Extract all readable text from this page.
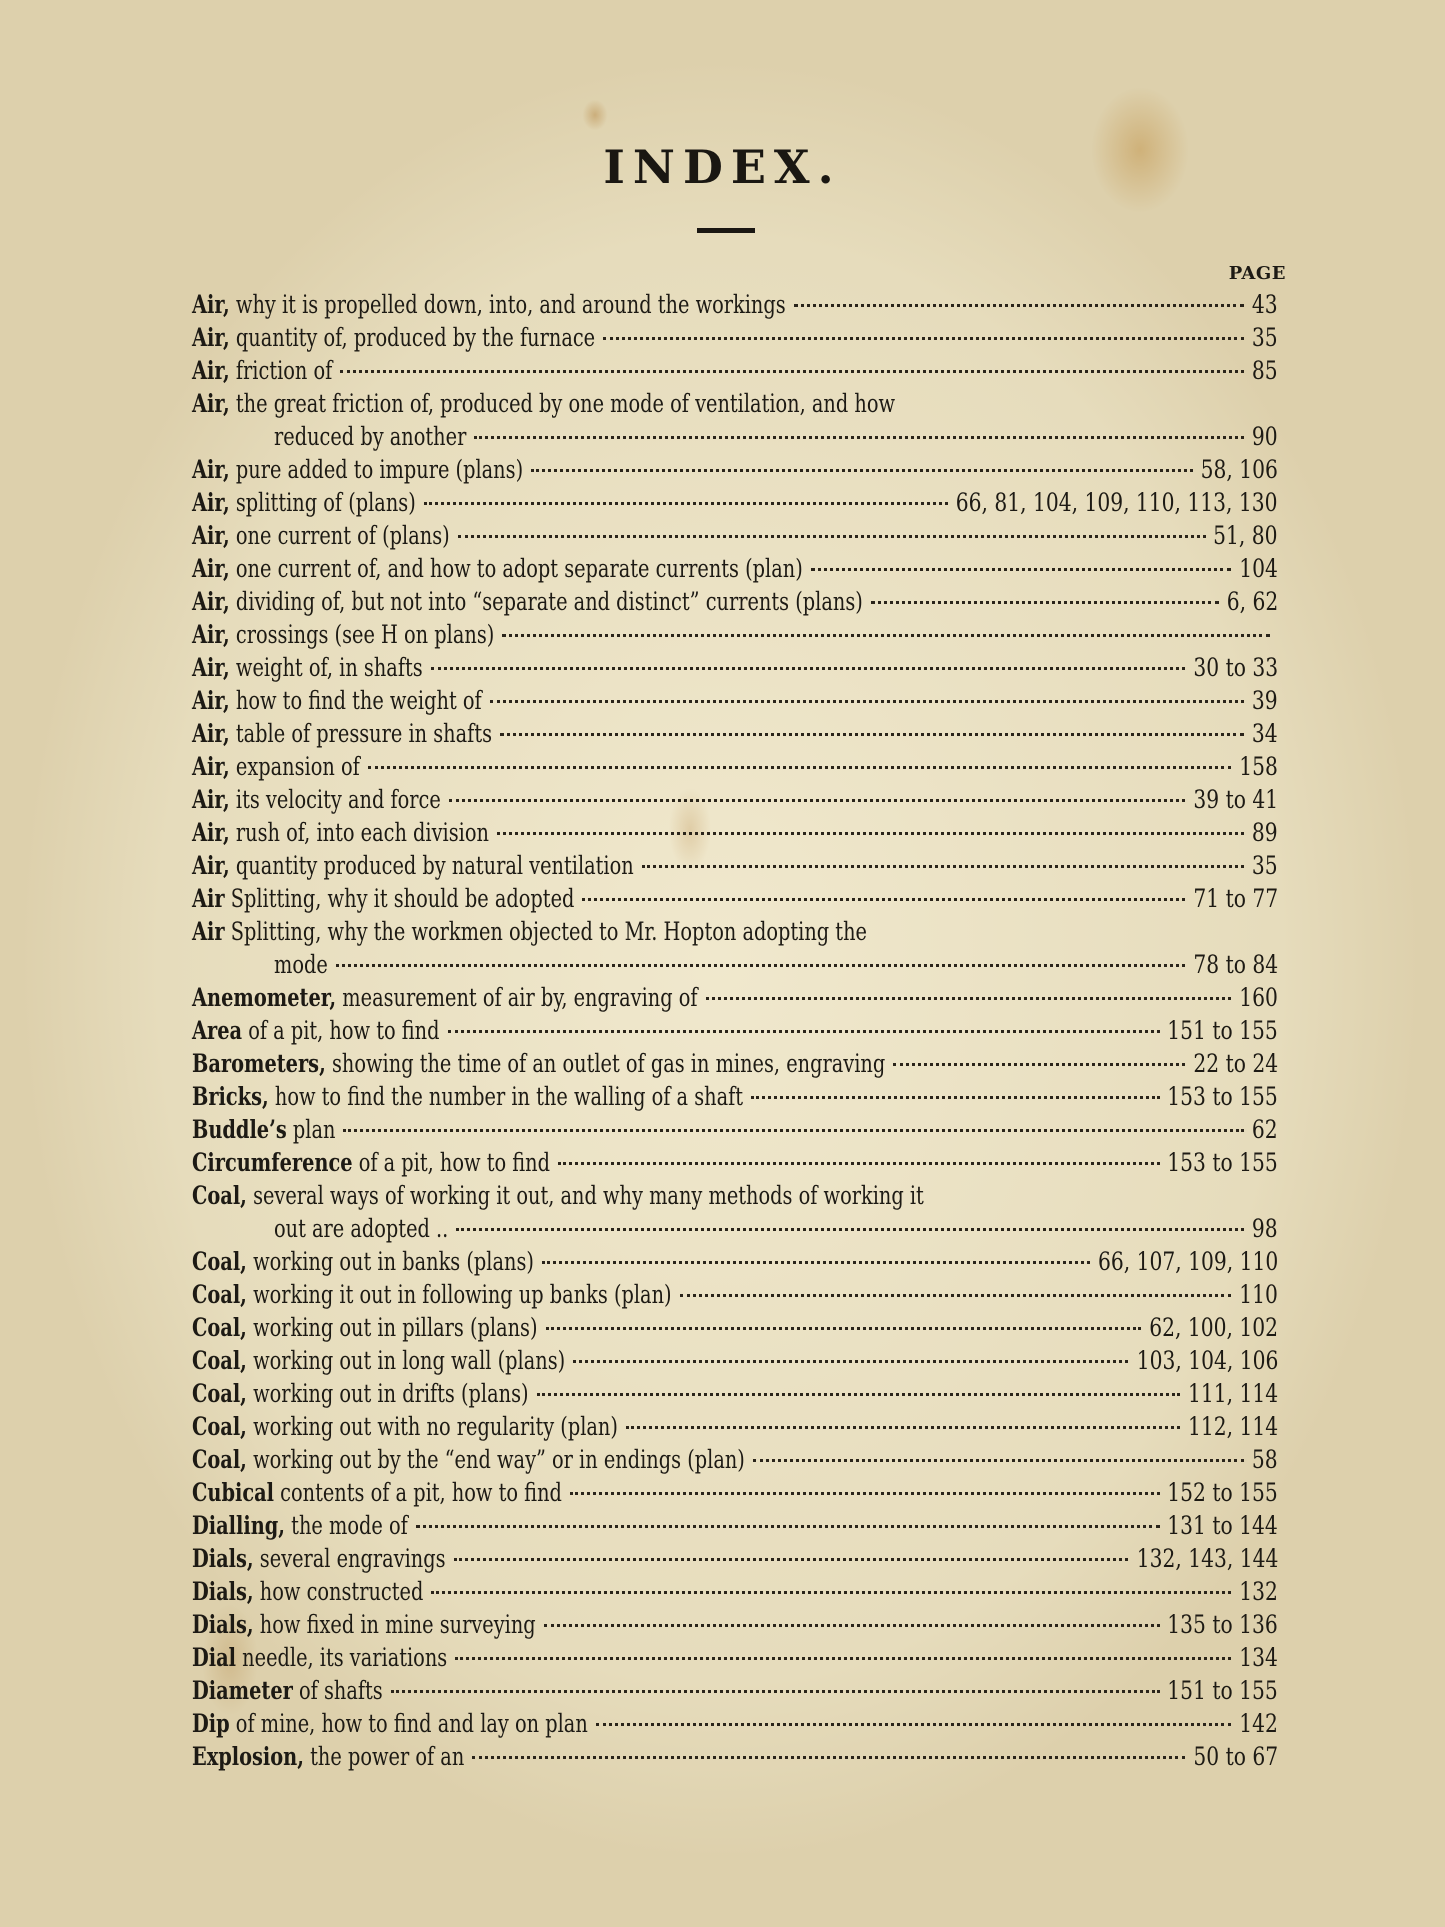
INDEX.
PAGE
Air, why it is propelled down, into, and around the workings	43
Air, quantity of, produced by the furnace	35
Air, friction of	85
Air, the great friction of, produced by one mode of ventilation, and how
reduced by another	90
Air, pure added to impure (plans)	58, 106
Air, splitting of (plans)	66, 81, 104, 109, 110, 113, 130
Air, one current of (plans)	51, 80
Air, one current of, and how to adopt separate currents (plan)	104
Air, dividing of, but not into “separate and distinct” currents (plans)	6, 62
Air, crossings (see H on plans)
Air, weight of, in shafts	30 to 33
Air, how to find the weight of	39
Air, table of pressure in shafts	34
Air, expansion of	158
Air, its velocity and force	39 to 41
Air, rush of, into each division	89
Air, quantity produced by natural ventilation	35
Air Splitting, why it should be adopted	71 to 77
Air Splitting, why the workmen objected to Mr. Hopton adopting the
mode	78 to 84
Anemometer, measurement of air by, engraving of	160
Area of a pit, how to find	151 to 155
Barometers, showing the time of an outlet of gas in mines, engraving	22 to 24
Bricks, how to find the number in the walling of a shaft	153 to 155
Buddle’s plan	62
Circumference of a pit, how to find	153 to 155
Coal, several ways of working it out, and why many methods of working it
out are adopted ..	98
Coal, working out in banks (plans)	66, 107, 109, 110
Coal, working it out in following up banks (plan)	110
Coal, working out in pillars (plans)	62, 100, 102
Coal, working out in long wall (plans)	103, 104, 106
Coal, working out in drifts (plans)	111, 114
Coal, working out with no regularity (plan)	112, 114
Coal, working out by the “end way” or in endings (plan)	58
Cubical contents of a pit, how to find	152 to 155
Dialling, the mode of	131 to 144
Dials, several engravings	132, 143, 144
Dials, how constructed	132
Dials, how fixed in mine surveying	135 to 136
Dial needle, its variations	134
Diameter of shafts	151 to 155
Dip of mine, how to find and lay on plan	142
Explosion, the power of an	50 to 67
